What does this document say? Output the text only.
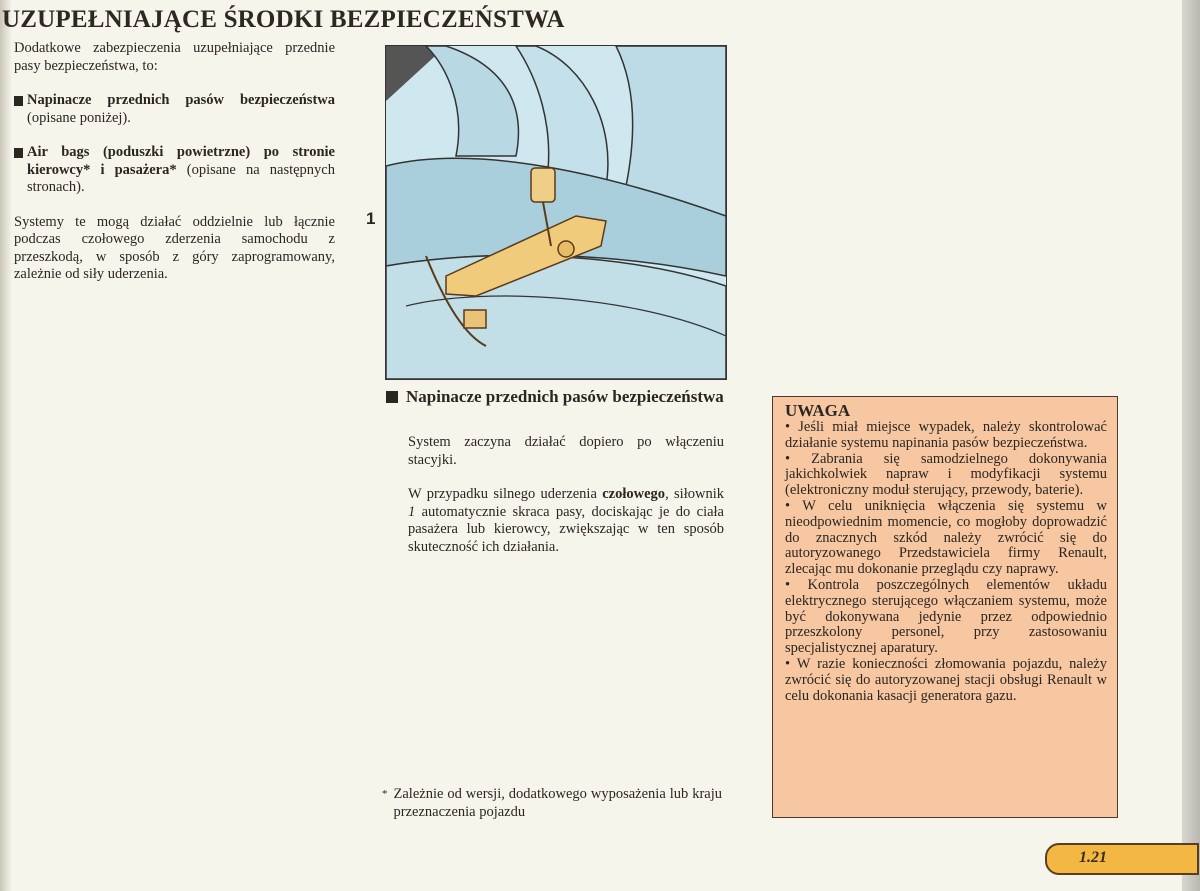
UZUPEŁNIAJĄCE ŚRODKI BEZPIECZEŃSTWA

Dodatkowe zabezpieczenia uzupełniające przednie pasy bezpieczeństwa, to:

Napinacze przednich pasów bezpieczeństwa (opisane poniżej).
Air bags (poduszki powietrzne) po stronie kierowcy* i pasażera* (opisane na następnych stronach).

Systemy te mogą działać oddzielnie lub łącznie podczas czołowego zderzenia samochodu z przeszkodą, w sposób z góry zaprogramowany, zależnie od siły uderzenia.

1
Napinacze przednich pasów bezpieczeństwa

System zaczyna działać dopiero po włączeniu stacyjki.

W przypadku silnego uderzenia czołowego, siłownik 1 automatycznie skraca pasy, dociskając je do ciała pasażera lub kierowcy, zwiększając w ten sposób skuteczność ich działania.

* Zależnie od wersji, dodatkowego wyposażenia lub kraju przeznaczenia pojazdu
UWAGA

• Jeśli miał miejsce wypadek, należy skontrolować działanie systemu napinania pasów bezpieczeństwa.

• Zabrania się samodzielnego dokonywania jakichkolwiek napraw i modyfikacji systemu (elektroniczny moduł sterujący, przewody, baterie).

• W celu uniknięcia włączenia się systemu w nieodpowiednim momencie, co mogłoby doprowadzić do znacznych szkód należy zwrócić się do autoryzowanego Przedstawiciela firmy Renault, zlecając mu dokonanie przeglądu czy naprawy.

• Kontrola poszczególnych elementów układu elektrycznego sterującego włączaniem systemu, może być dokonywana jedynie przez odpowiednio przeszkolony personel, przy zastosowaniu specjalistycznej aparatury.

• W razie konieczności złomowania pojazdu, należy zwrócić się do autoryzowanej stacji obsługi Renault w celu dokonania kasacji generatora gazu.

1.21
